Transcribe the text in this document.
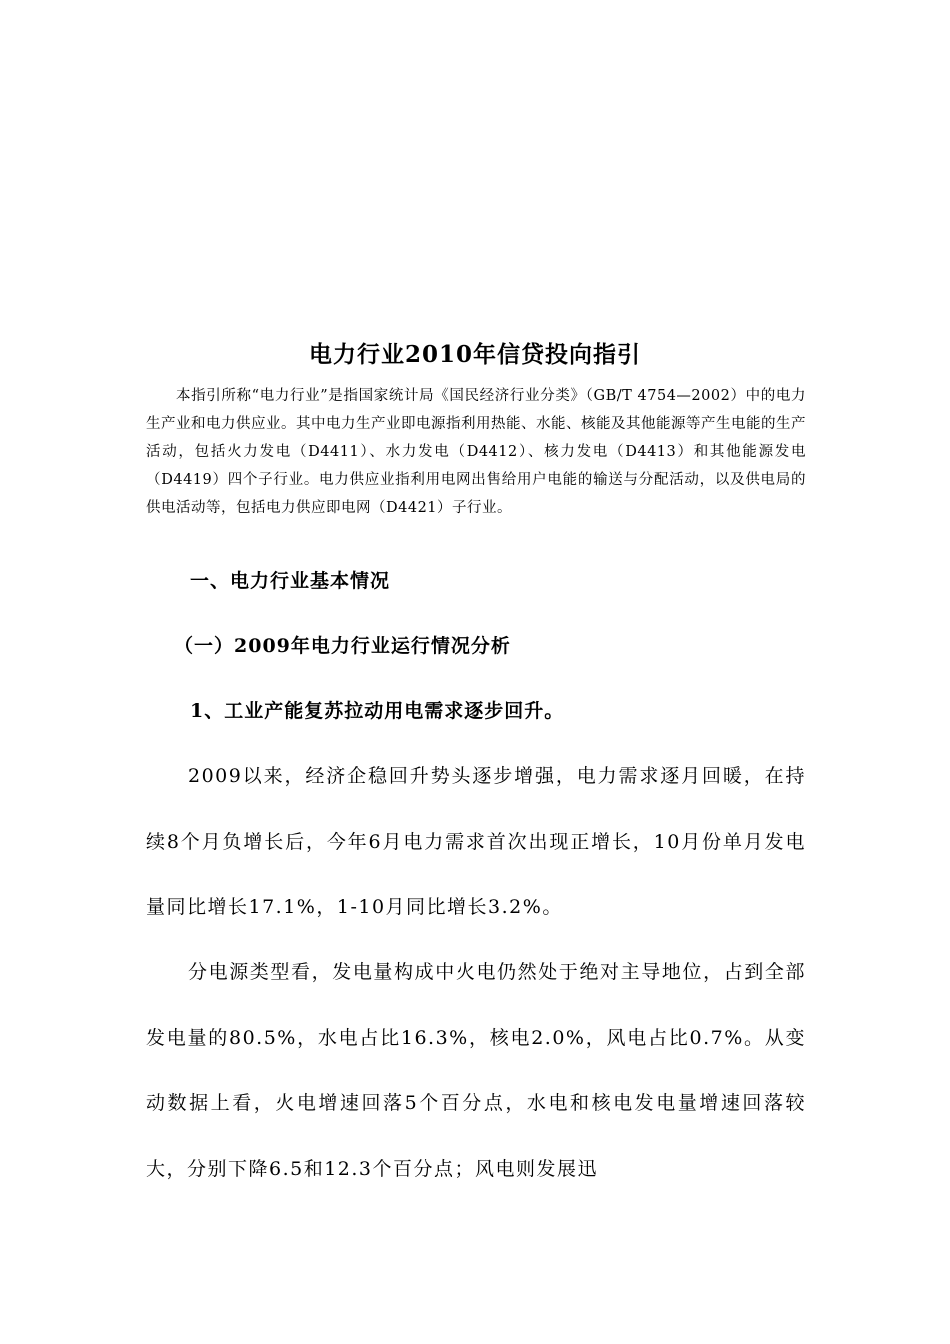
电力行业2010年信贷投向指引

本指引所称“电力行业”是指国家统计局《国民经济行业分类》（GB/T 4754—2002）中的电力生产业和电力供应业。其中电力生产业即电源指利用热能、水能、核能及其他能源等产生电能的生产活动，包括火力发电（D4411）、水力发电（D4412）、核力发电（D4413）和其他能源发电（D4419）四个子行业。电力供应业指利用电网出售给用户电能的输送与分配活动，以及供电局的供电活动等，包括电力供应即电网（D4421）子行业。

一、电力行业基本情况
（一）2009年电力行业运行情况分析
1、工业产能复苏拉动用电需求逐步回升。

2009以来，经济企稳回升势头逐步增强，电力需求逐月回暖，在持续8个月负增长后，今年6月电力需求首次出现正增长，10月份单月发电量同比增长17.1%，1-10月同比增长3.2%。

分电源类型看，发电量构成中火电仍然处于绝对主导地位，占到全部发电量的80.5%，水电占比16.3%，核电2.0%，风电占比0.7%。从变动数据上看，火电增速回落5个百分点，水电和核电发电量增速回落较大，分别下降6.5和12.3个百分点；风电则发展迅
